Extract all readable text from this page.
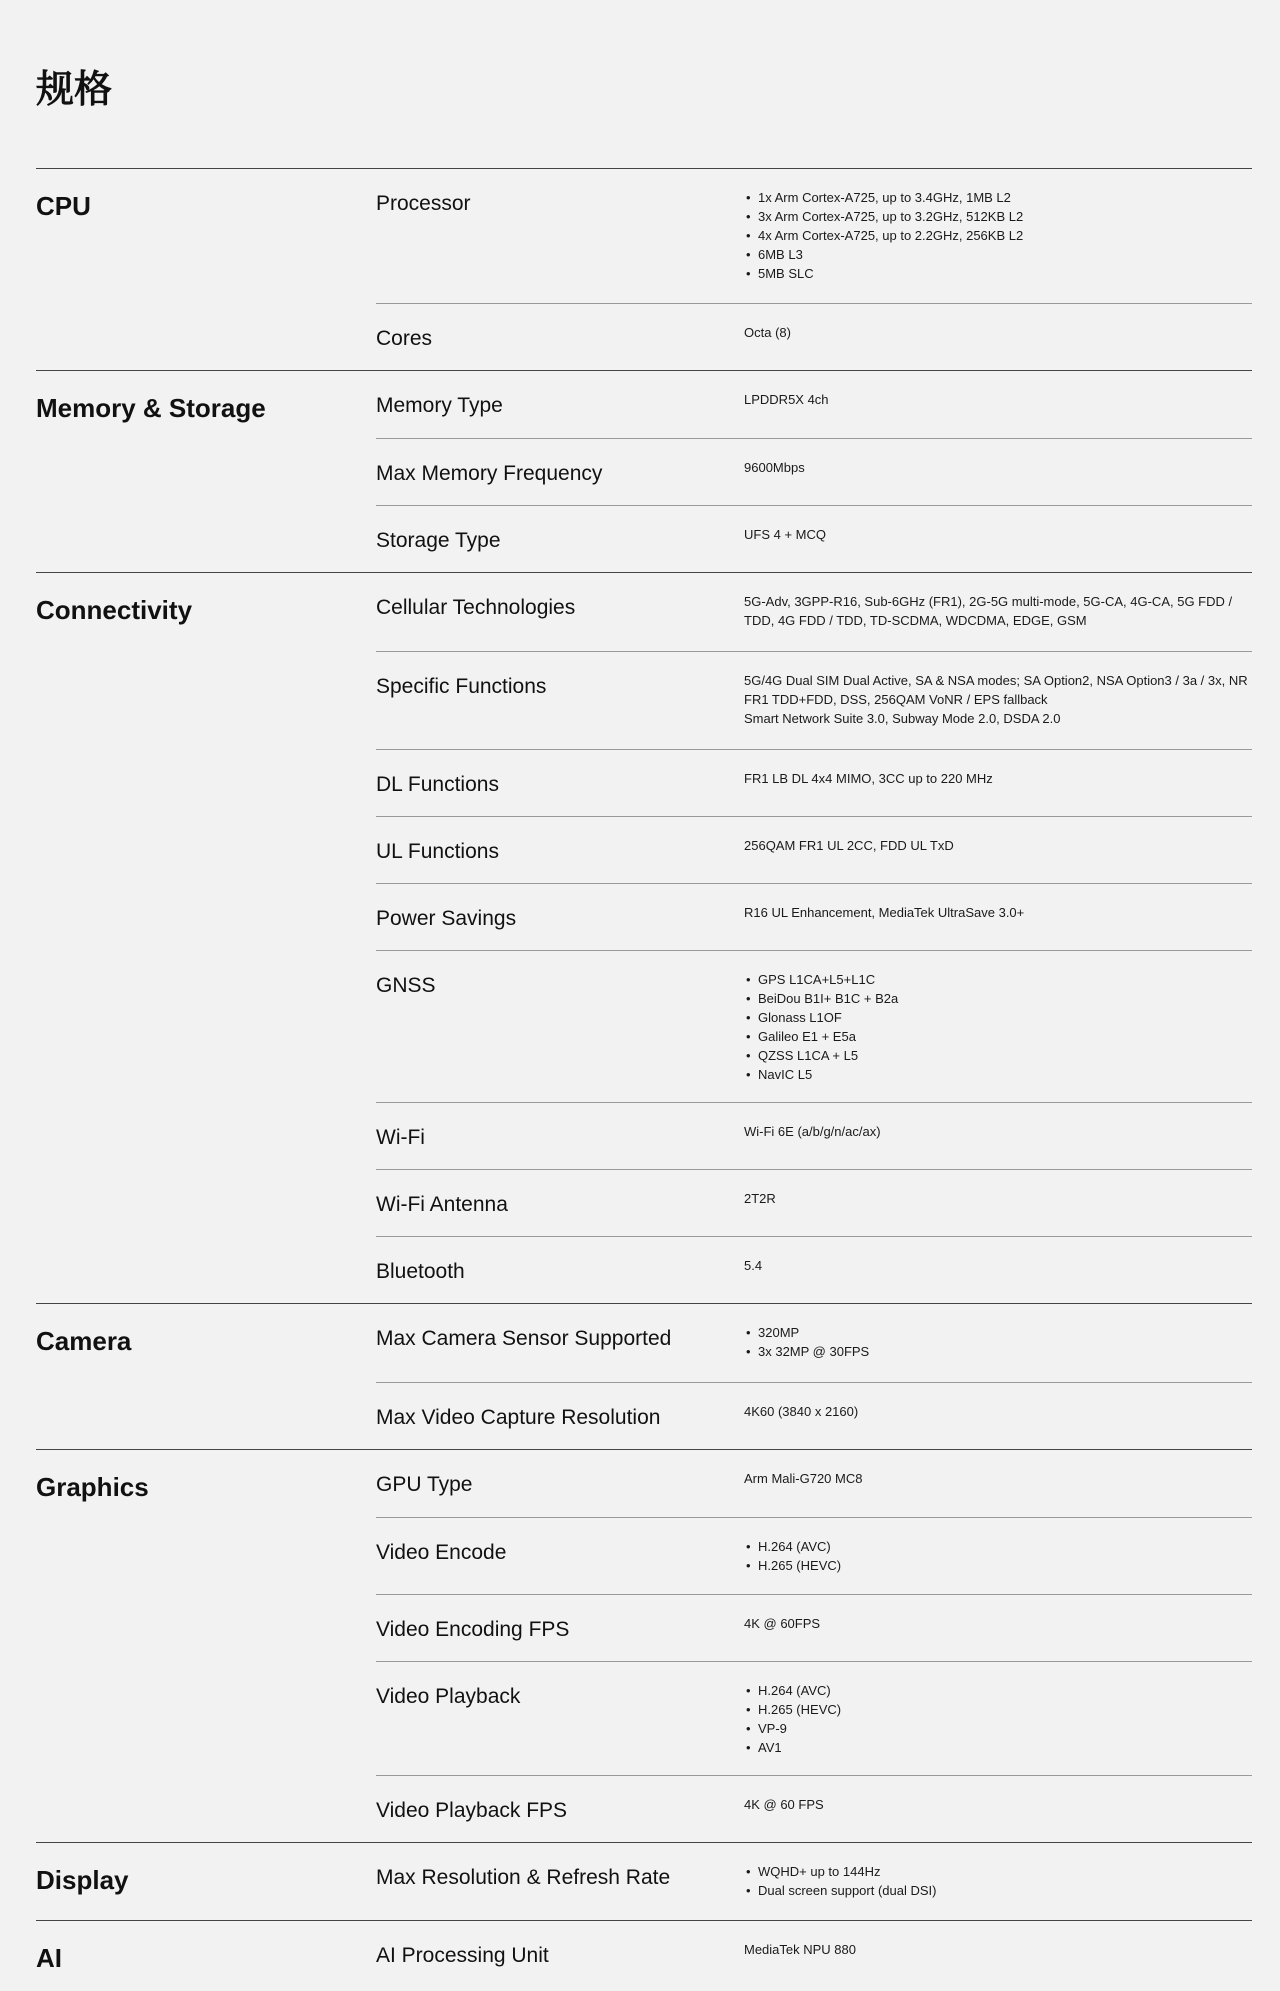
规格
CPU	Processor	• 1x Arm Cortex-A725, up to 3.4GHz, 1MB L2
• 3x Arm Cortex-A725, up to 3.2GHz, 512KB L2
• 4x Arm Cortex-A725, up to 2.2GHz, 256KB L2
• 6MB L3
• 5MB SLC
Cores	Octa (8)
Memory & Storage	Memory Type	LPDDR5X 4ch
Max Memory Frequency	9600Mbps
Storage Type	UFS 4 + MCQ
Connectivity	Cellular Technologies	5G-Adv, 3GPP-R16, Sub-6GHz (FR1), 2G-5G multi-mode, 5G-CA, 4G-CA, 5G FDD / TDD, 4G FDD / TDD, TD-SCDMA, WDCDMA, EDGE, GSM
Specific Functions	5G/4G Dual SIM Dual Active, SA & NSA modes; SA Option2, NSA Option3 / 3a / 3x, NR FR1 TDD+FDD, DSS, 256QAM VoNR / EPS fallback
Smart Network Suite 3.0, Subway Mode 2.0, DSDA 2.0
DL Functions	FR1 LB DL 4x4 MIMO, 3CC up to 220 MHz
UL Functions	256QAM FR1 UL 2CC, FDD UL TxD
Power Savings	R16 UL Enhancement, MediaTek UltraSave 3.0+
GNSS	• GPS L1CA+L5+L1C
• BeiDou B1I+ B1C + B2a
• Glonass L1OF
• Galileo E1 + E5a
• QZSS L1CA + L5
• NavIC L5
Wi-Fi	Wi-Fi 6E (a/b/g/n/ac/ax)
Wi-Fi Antenna	2T2R
Bluetooth	5.4
Camera	Max Camera Sensor Supported	• 320MP
• 3x 32MP @ 30FPS
Max Video Capture Resolution	4K60 (3840 x 2160)
Graphics	GPU Type	Arm Mali-G720 MC8
Video Encode	• H.264 (AVC)
• H.265 (HEVC)
Video Encoding FPS	4K @ 60FPS
Video Playback	• H.264 (AVC)
• H.265 (HEVC)
• VP-9
• AV1
Video Playback FPS	4K @ 60 FPS
Display	Max Resolution & Refresh Rate	• WQHD+ up to 144Hz
• Dual screen support (dual DSI)
AI	AI Processing Unit	MediaTek NPU 880
